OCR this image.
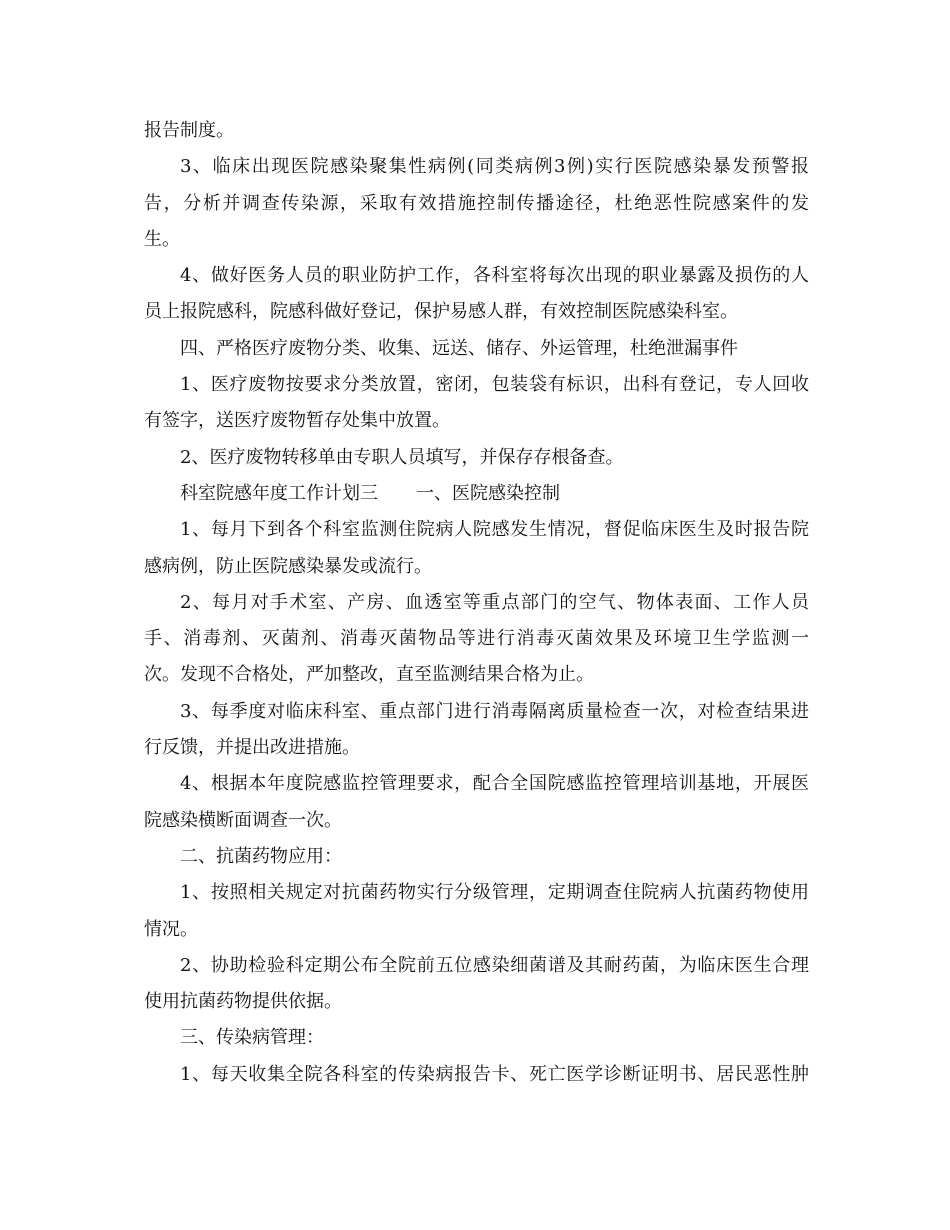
报告制度。
3、临床出现医院感染聚集性病例(同类病例3例)实行医院感染暴发预警报
告，分析并调查传染源，采取有效措施控制传播途径，杜绝恶性院感案件的发
生。
4、做好医务人员的职业防护工作，各科室将每次出现的职业暴露及损伤的人
员上报院感科，院感科做好登记，保护易感人群，有效控制医院感染科室。
四、严格医疗废物分类、收集、远送、储存、外运管理，杜绝泄漏事件
1、医疗废物按要求分类放置，密闭，包装袋有标识，出科有登记，专人回收
有签字，送医疗废物暂存处集中放置。
2、医疗废物转移单由专职人员填写，并保存存根备查。
科室院感年度工作计划三 一、医院感染控制
1、每月下到各个科室监测住院病人院感发生情况，督促临床医生及时报告院
感病例，防止医院感染暴发或流行。
2、每月对手术室、产房、血透室等重点部门的空气、物体表面、工作人员
手、消毒剂、灭菌剂、消毒灭菌物品等进行消毒灭菌效果及环境卫生学监测一
次。发现不合格处，严加整改，直至监测结果合格为止。
3、每季度对临床科室、重点部门进行消毒隔离质量检查一次，对检查结果进
行反馈，并提出改进措施。
4、根据本年度院感监控管理要求，配合全国院感监控管理培训基地，开展医
院感染横断面调查一次。
二、抗菌药物应用：
1、按照相关规定对抗菌药物实行分级管理，定期调查住院病人抗菌药物使用
情况。
2、协助检验科定期公布全院前五位感染细菌谱及其耐药菌，为临床医生合理
使用抗菌药物提供依据。
三、传染病管理：
1、每天收集全院各科室的传染病报告卡、死亡医学诊断证明书、居民恶性肿
